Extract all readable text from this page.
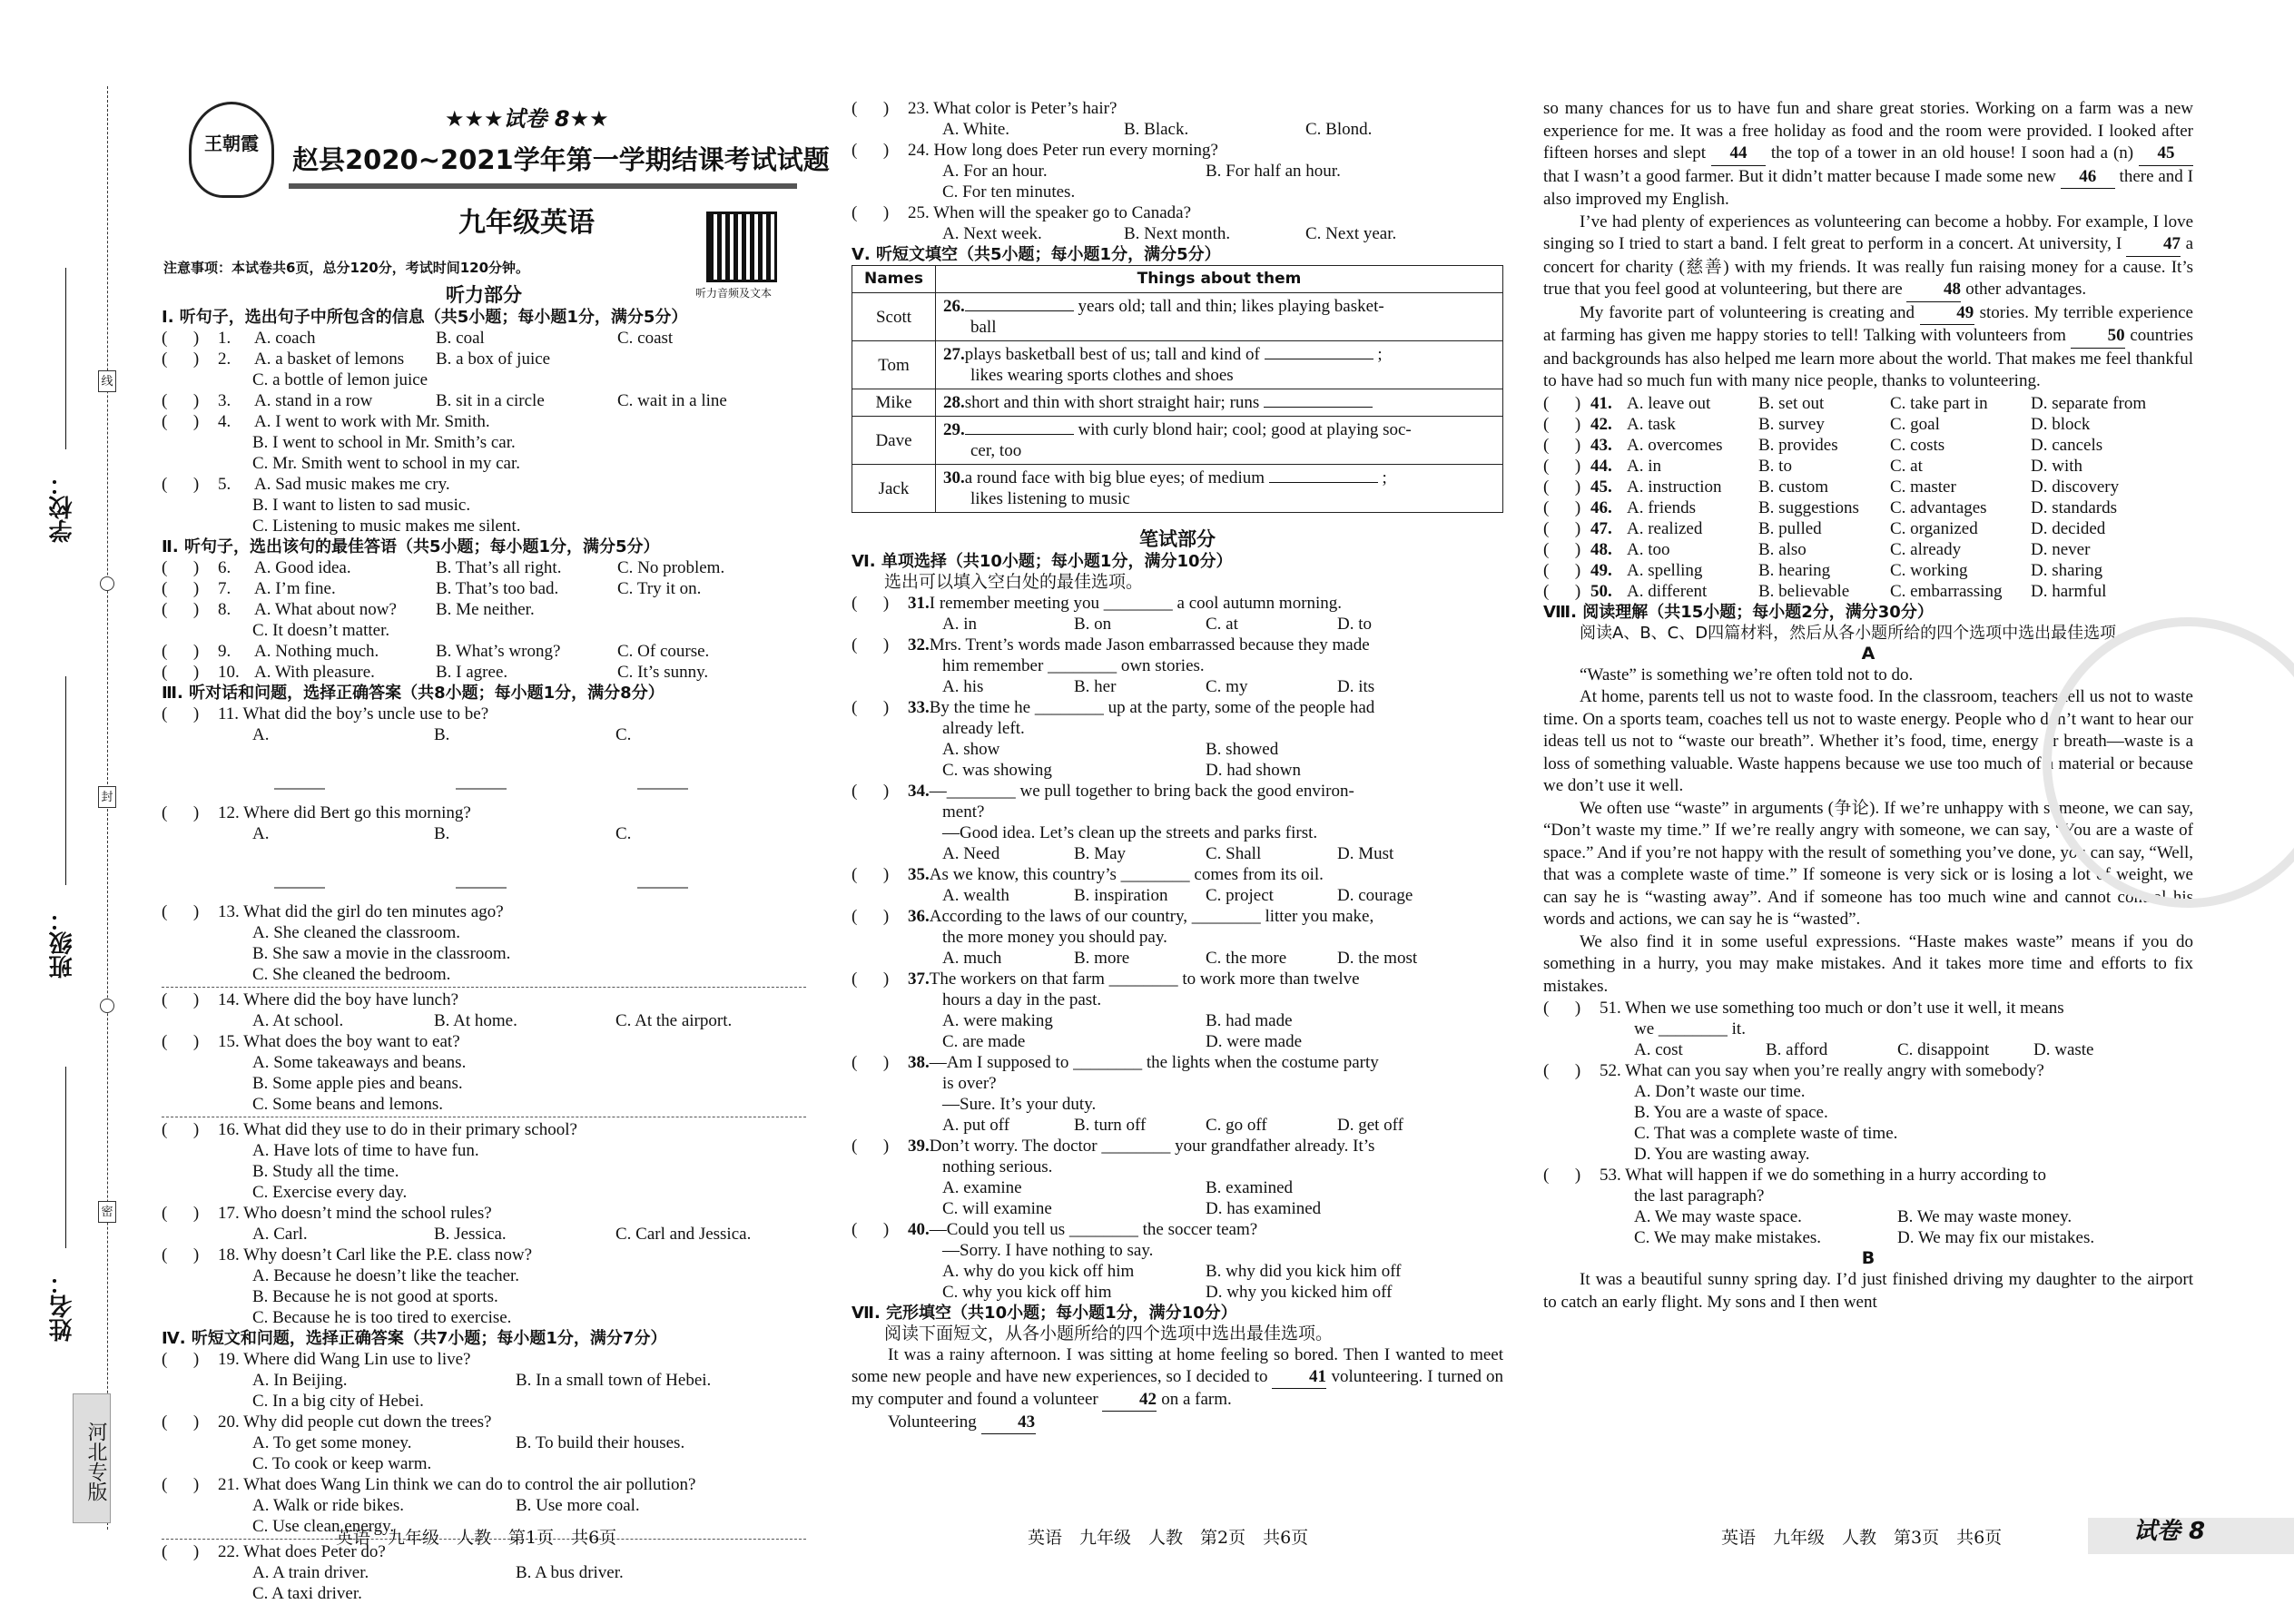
学校：
班级：
姓名：
线
封
密
河北专版
王朝霞
★★★试卷 8★★
赵县2020~2021学年第一学期结课考试试题
九年级英语
听力音频及文本
注意事项：本试卷共6页，总分120分，考试时间120分钟。
听力部分
Ⅰ. 听句子，选出句子中所包含的信息（共5小题；每小题1分，满分5分）
(      ) 1.	A. coach	B. coal	C. coast
(      ) 2.	A. a basket of lemons	B. a box of juice
C. a bottle of lemon juice
(      ) 3.	A. stand in a row	B. sit in a circle	C. wait in a line
(      ) 4.	A. I went to work with Mr. Smith.
B. I went to school in Mr. Smith’s car.
C. Mr. Smith went to school in my car.
(      ) 5.	A. Sad music makes me cry.
B. I want to listen to sad music.
C. Listening to music makes me silent.
Ⅱ. 听句子，选出该句的最佳答语（共5小题；每小题1分，满分5分）
(      ) 6.	A. Good idea.	B. That’s all right.	C. No problem.
(      ) 7.	A. I’m fine.	B. That’s too bad.	C. Try it on.
(      ) 8.	A. What about now?	B. Me neither.
C. It doesn’t matter.
(      ) 9.	A. Nothing much.	B. What’s wrong?	C. Of course.
(      ) 10. A. With pleasure.	B. I agree.	C. It’s sunny.
Ⅲ. 听对话和问题，选择正确答案（共8小题；每小题1分，满分8分）
(      ) 11. What did the boy’s uncle use to be?
A.	B.	C.
(      ) 12. Where did Bert go this morning?
A.	B.	C.
(      ) 13. What did the girl do ten minutes ago?
A. She cleaned the classroom.
B. She saw a movie in the classroom.
C. She cleaned the bedroom.
(      ) 14. Where did the boy have lunch?
A. At school.	B. At home.	C. At the airport.
(      ) 15. What does the boy want to eat?
A. Some takeaways and beans.
B. Some apple pies and beans.
C. Some beans and lemons.
(      ) 16. What did they use to do in their primary school?
A. Have lots of time to have fun.
B. Study all the time.
C. Exercise every day.
(      ) 17. Who doesn’t mind the school rules?
A. Carl.	B. Jessica.	C. Carl and Jessica.
(      ) 18. Why doesn’t Carl like the P.E. class now?
A. Because he doesn’t like the teacher.
B. Because he is not good at sports.
C. Because he is too tired to exercise.
Ⅳ. 听短文和问题，选择正确答案（共7小题；每小题1分，满分7分）
(      ) 19. Where did Wang Lin use to live?
A. In Beijing.	B. In a small town of Hebei.
C. In a big city of Hebei.
(      ) 20. Why did people cut down the trees?
A. To get some money.	B. To build their houses.
C. To cook or keep warm.
(      ) 21. What does Wang Lin think we can do to control the air pollution?
A. Walk or ride bikes.	B. Use more coal.
C. Use clean energy.
(      ) 22. What does Peter do?
A. A train driver.	B. A bus driver.
C. A taxi driver.
(      ) 23. What color is Peter’s hair?
A. White.	B. Black.	C. Blond.
(      ) 24. How long does Peter run every morning?
A. For an hour.	B. For half an hour.
C. For ten minutes.
(      ) 25. When will the speaker go to Canada?
A. Next week.	B. Next month.	C. Next year.
Ⅴ. 听短文填空（共5小题；每小题1分，满分5分）
Names	Things about them
Scott	26. years old; tall and thin; likes playing basket-
ball

Tom	27.plays basketball best of us; tall and kind of ;
likes wearing sports clothes and shoes

Mike	28.short and thin with short straight hair; runs

Dave	29. with curly blond hair; cool; good at playing soc-
cer, too

Jack	30.a round face with big blue eyes; of medium ;
likes listening to music
笔试部分
Ⅵ. 单项选择（共10小题；每小题1分，满分10分）
选出可以填入空白处的最佳选项。
(      ) 31.I remember meeting you ________ a cool autumn morning.
A. in	B. on	C. at	D. to
(      ) 32.Mrs. Trent’s words made Jason embarrassed because they made
him remember ________ own stories.
A. his	B. her	C. my	D. its
(      ) 33.By the time he ________ up at the party, some of the people had
already left.
A. show	B. showed
C. was showing	D. had shown
(      ) 34.—________ we pull together to bring back the good environ-
ment?
—Good idea. Let’s clean up the streets and parks first.
A. Need	B. May	C. Shall	D. Must
(      ) 35.As we know, this country’s ________ comes from its oil.
A. wealth	B. inspiration	C. project	D. courage
(      ) 36.According to the laws of our country, ________ litter you make,
the more money you should pay.
A. much	B. more	C. the more	D. the most
(      ) 37.The workers on that farm ________ to work more than twelve
hours a day in the past.
A. were making	B. had made
C. are made	D. were made
(      ) 38.—Am I supposed to ________ the lights when the costume party
is over?
—Sure. It’s your duty.
A. put off	B. turn off	C. go off	D. get off
(      ) 39.Don’t worry. The doctor ________ your grandfather already. It’s
nothing serious.
A. examine	B. examined
C. will examine	D. has examined
(      ) 40.—Could you tell us ________ the soccer team?
—Sorry. I have nothing to say.
A. why do you kick off him	B. why did you kick him off
C. why you kick off him	D. why you kicked him off
Ⅶ. 完形填空（共10小题；每小题1分，满分10分）
阅读下面短文，从各小题所给的四个选项中选出最佳选项。
It was a rainy afternoon. I was sitting at home feeling so bored. Then I wanted to meet some new people and have new experiences, so I decided to 41 volunteering. I turned on my computer and found a volunteer 42 on a farm.
Volunteering 43
so many chances for us to have fun and share great stories. Working on a farm was a new experience for me. It was a free holiday as food and the room were provided. I looked after fifteen horses and slept 44 the top of a tower in an old house! I soon had a (n) 45 that I wasn’t a good farmer. But it didn’t matter because I made some new 46 there and I also improved my English.
I’ve had plenty of experiences as volunteering can become a hobby. For example, I love singing so I tried to start a band. I felt great to perform in a concert. At university, I 47 a concert for charity (慈善) with my friends. It was really fun raising money for a cause. It’s true that you feel good at volunteering, but there are 48 other advantages.
My favorite part of volunteering is creating and 49 stories. My terrible experience at farming has given me happy stories to tell! Talking with volunteers from 50 countries and backgrounds has also helped me learn more about the world. That makes me feel thankful to have had so much fun with many nice people, thanks to volunteering.
(      ) 41. A. leave out	B. set out	C. take part in	D. separate from
(      ) 42. A. task	B. survey	C. goal	D. block
(      ) 43. A. overcomes	B. provides	C. costs	D. cancels
(      ) 44. A. in	B. to	C. at	D. with
(      ) 45. A. instruction	B. custom	C. master	D. discovery
(      ) 46. A. friends	B. suggestions	C. advantages	D. standards
(      ) 47. A. realized	B. pulled	C. organized	D. decided
(      ) 48. A. too	B. also	C. already	D. never
(      ) 49. A. spelling	B. hearing	C. working	D. sharing
(      ) 50. A. different	B. believable	C. embarrassing	D. harmful
Ⅷ. 阅读理解（共15小题；每小题2分，满分30分）
阅读A、B、C、D四篇材料，然后从各小题所给的四个选项中选出最佳选项。
A
“Waste” is something we’re often told not to do.
At home, parents tell us not to waste food. In the classroom, teachers tell us not to waste time. On a sports team, coaches tell us not to waste energy. People who don’t want to hear our ideas tell us not to “waste our breath”. Whether it’s food, time, energy or breath—waste is a loss of something valuable. Waste happens because we use too much of a material or because we don’t use it well.
We often use “waste” in arguments (争论). If we’re unhappy with someone, we can say, “Don’t waste my time.” If we’re really angry with someone, we can say, “You are a waste of space.” And if you’re not happy with the result of something you’ve done, you can say, “Well, that was a complete waste of time.” If someone is very sick or is losing a lot of weight, we can say he is “wasting away”. And if someone has too much wine and cannot control his words and actions, we can say he is “wasted”.
We also find it in some useful expressions. “Haste makes waste” means if you do something in a hurry, you may make mistakes. And it takes more time and efforts to fix mistakes.
(      ) 51. When we use something too much or don’t use it well, it means
we ________ it.
A. cost	B. afford	C. disappoint	D. waste
(      ) 52. What can you say when you’re really angry with somebody?
A. Don’t waste our time.
B. You are a waste of space.
C. That was a complete waste of time.
D. You are wasting away.
(      ) 53. What will happen if we do something in a hurry according to
the last paragraph?
A. We may waste space.	B. We may waste money.
C. We may make mistakes.	D. We may fix our mistakes.
B
It was a beautiful sunny spring day. I’d just finished driving my daughter to the airport to catch an early flight. My sons and I then went
英语　九年级　人教　第1页　共6页	英语　九年级　人教　第2页　共6页	英语　九年级　人教　第3页　共6页	试卷 8
